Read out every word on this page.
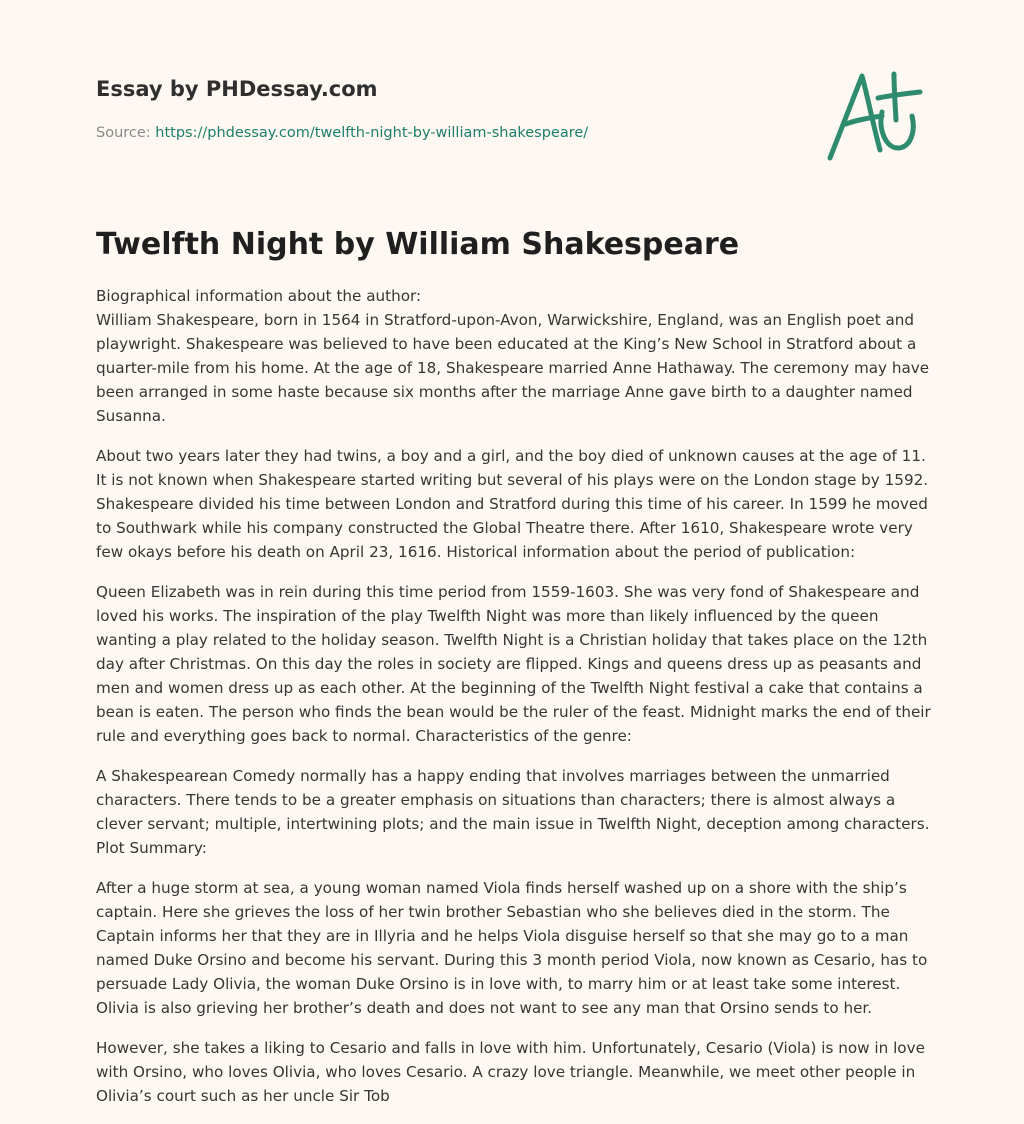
Essay by PHDessay.com

Source: https://phdessay.com/twelfth-night-by-william-shakespeare/
Twelfth Night by William Shakespeare

Biographical information about the author:
William Shakespeare, born in 1564 in Stratford-upon-Avon, Warwickshire, England, was an English poet and playwright. Shakespeare was believed to have been educated at the King’s New School in Stratford about a quarter-mile from his home. At the age of 18, Shakespeare married Anne Hathaway. The ceremony may have been arranged in some haste because six months after the marriage Anne gave birth to a daughter named Susanna.

About two years later they had twins, a boy and a girl, and the boy died of unknown causes at the age of 11. It is not known when Shakespeare started writing but several of his plays were on the London stage by 1592. Shakespeare divided his time between London and Stratford during this time of his career. In 1599 he moved to Southwark while his company constructed the Global Theatre there. After 1610, Shakespeare wrote very few okays before his death on April 23, 1616. Historical information about the period of publication:

Queen Elizabeth was in rein during this time period from 1559-1603. She was very fond of Shakespeare and loved his works. The inspiration of the play Twelfth Night was more than likely influenced by the queen wanting a play related to the holiday season. Twelfth Night is a Christian holiday that takes place on the 12th day after Christmas. On this day the roles in society are flipped. Kings and queens dress up as peasants and men and women dress up as each other. At the beginning of the Twelfth Night festival a cake that contains a bean is eaten. The person who finds the bean would be the ruler of the feast. Midnight marks the end of their rule and everything goes back to normal. Characteristics of the genre:

A Shakespearean Comedy normally has a happy ending that involves marriages between the unmarried characters. There tends to be a greater emphasis on situations than characters; there is almost always a clever servant; multiple, intertwining plots; and the main issue in Twelfth Night, deception among characters. Plot Summary:

After a huge storm at sea, a young woman named Viola finds herself washed up on a shore with the ship’s captain. Here she grieves the loss of her twin brother Sebastian who she believes died in the storm. The Captain informs her that they are in Illyria and he helps Viola disguise herself so that she may go to a man named Duke Orsino and become his servant. During this 3 month period Viola, now known as Cesario, has to persuade Lady Olivia, the woman Duke Orsino is in love with, to marry him or at least take some interest. Olivia is also grieving her brother’s death and does not want to see any man that Orsino sends to her.

However, she takes a liking to Cesario and falls in love with him. Unfortunately, Cesario (Viola) is now in love with Orsino, who loves Olivia, who loves Cesario. A crazy love triangle. Meanwhile, we meet other people in Olivia’s court such as her uncle Sir Tob
